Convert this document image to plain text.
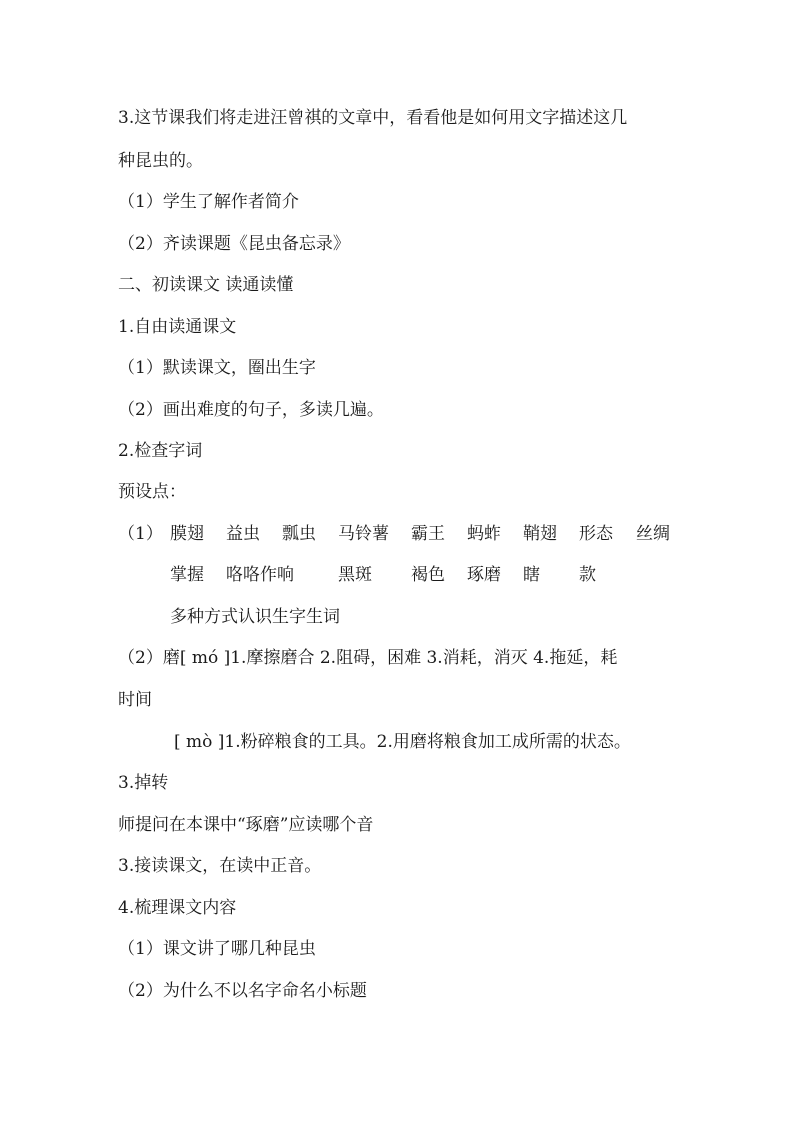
3.这节课我们将走进汪曾祺的文章中，看看他是如何用文字描述这几
种昆虫的。
（1）学生了解作者简介
（2）齐读课题《昆虫备忘录》
二、初读课文 读通读懂
1.自由读通课文
（1）默读课文，圈出生字
（2）画出难度的句子，多读几遍。
2.检查字词
预设点：
（1） 膜翅 益虫 瓢虫 马铃薯 霸王 蚂蚱 鞘翅 形态 丝绸
掌握 咯咯作响	黑斑 褐色 琢磨 瞎 款
多种方式认识生字生词
（2）磨[ mó ]1.摩擦磨合 2.阻碍，困难 3.消耗，消灭 4.拖延，耗
时间
[ mò ]1.粉碎粮食的工具。2.用磨将粮食加工成所需的状态。
3.掉转
师提问在本课中“琢磨”应读哪个音
3.接读课文，在读中正音。
4.梳理课文内容
（1）课文讲了哪几种昆虫
（2）为什么不以名字命名小标题
